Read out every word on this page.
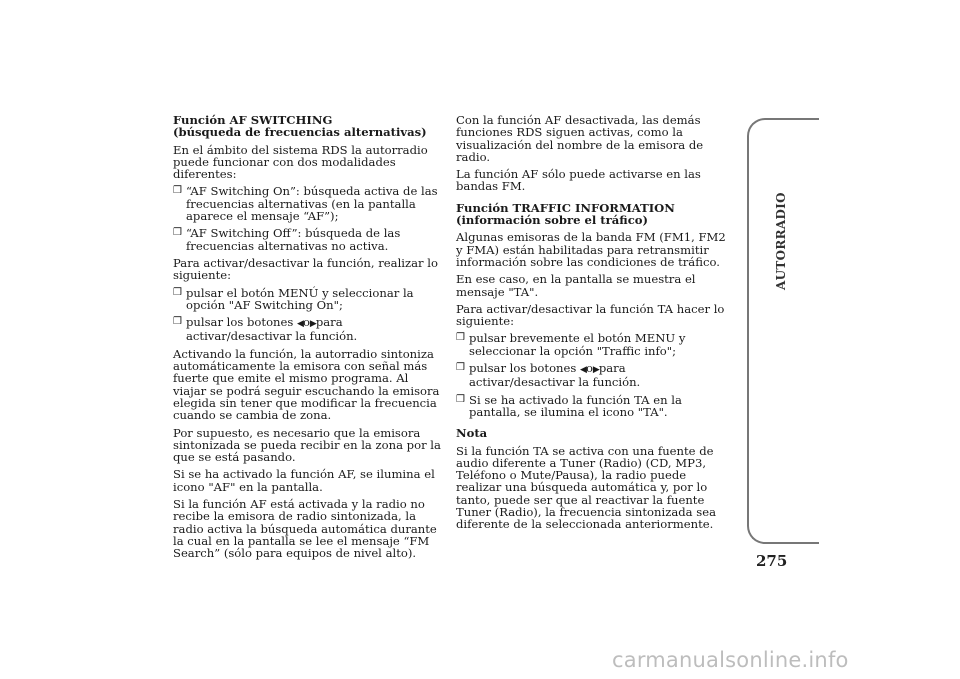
Función AF SWITCHING
(búsqueda de frecuencias alternativas)

En el ámbito del sistema RDS la autorradio puede funcionar con dos modalidades diferentes:

❒ “AF Switching On”: búsqueda activa de las frecuencias alternativas (en la pantalla aparece el mensaje “AF”);
❒ “AF Switching Off”: búsqueda de las frecuencias alternativas no activa.

Para activar/desactivar la función, realizar lo siguiente:

❒ pulsar el botón MENÚ y seleccionar la opción "AF Switching On";
❒ pulsar los botones ◀o▶para activar/desactivar la función.

Activando la función, la autorradio sintoniza automáticamente la emisora con señal más fuerte que emite el mismo programa. Al viajar se podrá seguir escuchando la emisora elegida sin tener que modificar la frecuencia cuando se cambia de zona.

Por supuesto, es necesario que la emisora sintonizada se pueda recibir en la zona por la que se está pasando.

Si se ha activado la función AF, se ilumina el icono "AF" en la pantalla.

Si la función AF está activada y la radio no recibe la emisora de radio sintonizada, la radio activa la búsqueda automática durante la cual en la pantalla se lee el mensaje “FM Search” (sólo para equipos de nivel alto).

Con la función AF desactivada, las demás funciones RDS siguen activas, como la visualización del nombre de la emisora de radio.

La función AF sólo puede activarse en las bandas FM.

Función TRAFFIC INFORMATION
(información sobre el tráfico)

Algunas emisoras de la banda FM (FM1, FM2 y FMA) están habilitadas para retransmitir información sobre las condiciones de tráfico.

En ese caso, en la pantalla se muestra el mensaje "TA".

Para activar/desactivar la función TA hacer lo siguiente:

❒ pulsar brevemente el botón MENU y seleccionar la opción "Traffic info";
❒ pulsar los botones ◀o▶para activar/desactivar la función.
❒ Si se ha activado la función TA en la pantalla, se ilumina el icono "TA".
Nota

Si la función TA se activa con una fuente de audio diferente a Tuner (Radio) (CD, MP3, Teléfono o Mute/Pausa), la radio puede realizar una búsqueda automática y, por lo tanto, puede ser que al reactivar la fuente Tuner (Radio), la frecuencia sintonizada sea diferente de la seleccionada anteriormente.

AUTORRADIO
275
carmanualsonline.info
